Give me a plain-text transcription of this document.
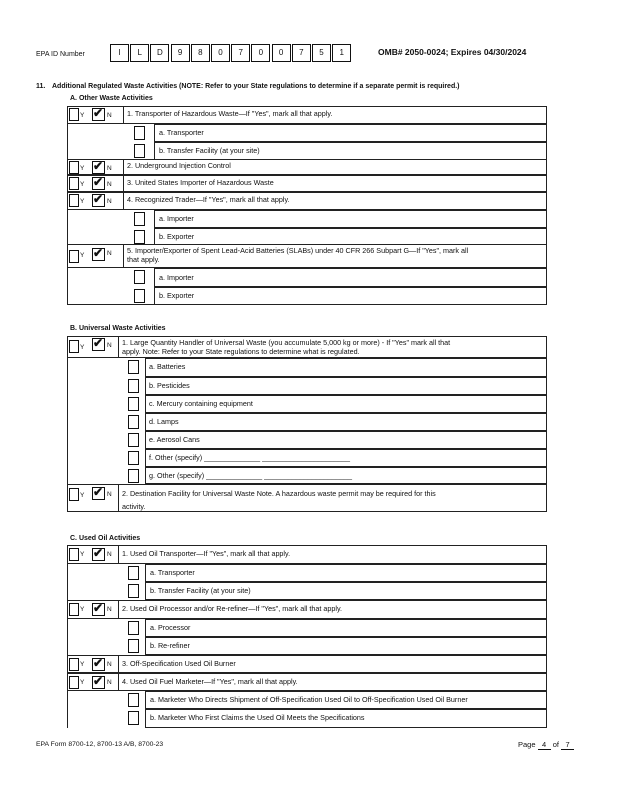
EPA ID Number	I	L	D	9	8	0	7	0	0	7	5	1	OMB# 2050-0024; Expires 04/30/2024
11. Additional Regulated Waste Activities (NOTE: Refer to your State regulations to determine if a separate permit is required.)
A. Other Waste Activities
Y ✔	N 1. Transporter of Hazardous Waste—If "Yes", mark all that apply.
a. Transporter
b. Transfer Facility (at your site)
Y ✔	N 2. Underground Injection Control
Y ✔	N 3. United States Importer of Hazardous Waste
Y ✔	N 4. Recognized Trader—If "Yes", mark all that apply.
a. Importer
b. Exporter
Y ✔	N 5. Importer/Exporter of Spent Lead-Acid Batteries (SLABs) under 40 CFR 266 Subpart G—If "Yes", mark all
that apply.
a. Importer
b. Exporter
B. Universal Waste Activities
Y ✔	N 1. Large Quantity Handler of Universal Waste (you accumulate 5,000 kg or more) - If "Yes" mark all that
apply. Note: Refer to your State regulations to determine what is regulated.
a. Batteries
b. Pesticides
c. Mercury containing equipment
d. Lamps
e. Aerosol Cans
f. Other (specify) ______________ ______________________
g. Other (specify) ______________ ______________________
Y ✔	N 2. Destination Facility for Universal Waste Note. A hazardous waste permit may be required for this
activity.
C. Used Oil Activities
Y ✔	N 1. Used Oil Transporter—If "Yes", mark all that apply.
a. Transporter
b. Transfer Facility (at your site)
Y ✔	N 2. Used Oil Processor and/or Re-refiner—If "Yes", mark all that apply.
a. Processor
b. Re-refiner
Y ✔	N 3. Off-Specification Used Oil Burner
Y ✔	N 4. Used Oil Fuel Marketer—If "Yes", mark all that apply.
a. Marketer Who Directs Shipment of Off-Specification Used Oil to Off-Specification Used Oil Burner
b. Marketer Who First Claims the Used Oil Meets the Specifications
EPA Form 8700-12, 8700-13 A/B, 8700-23	Page 4 of 7
